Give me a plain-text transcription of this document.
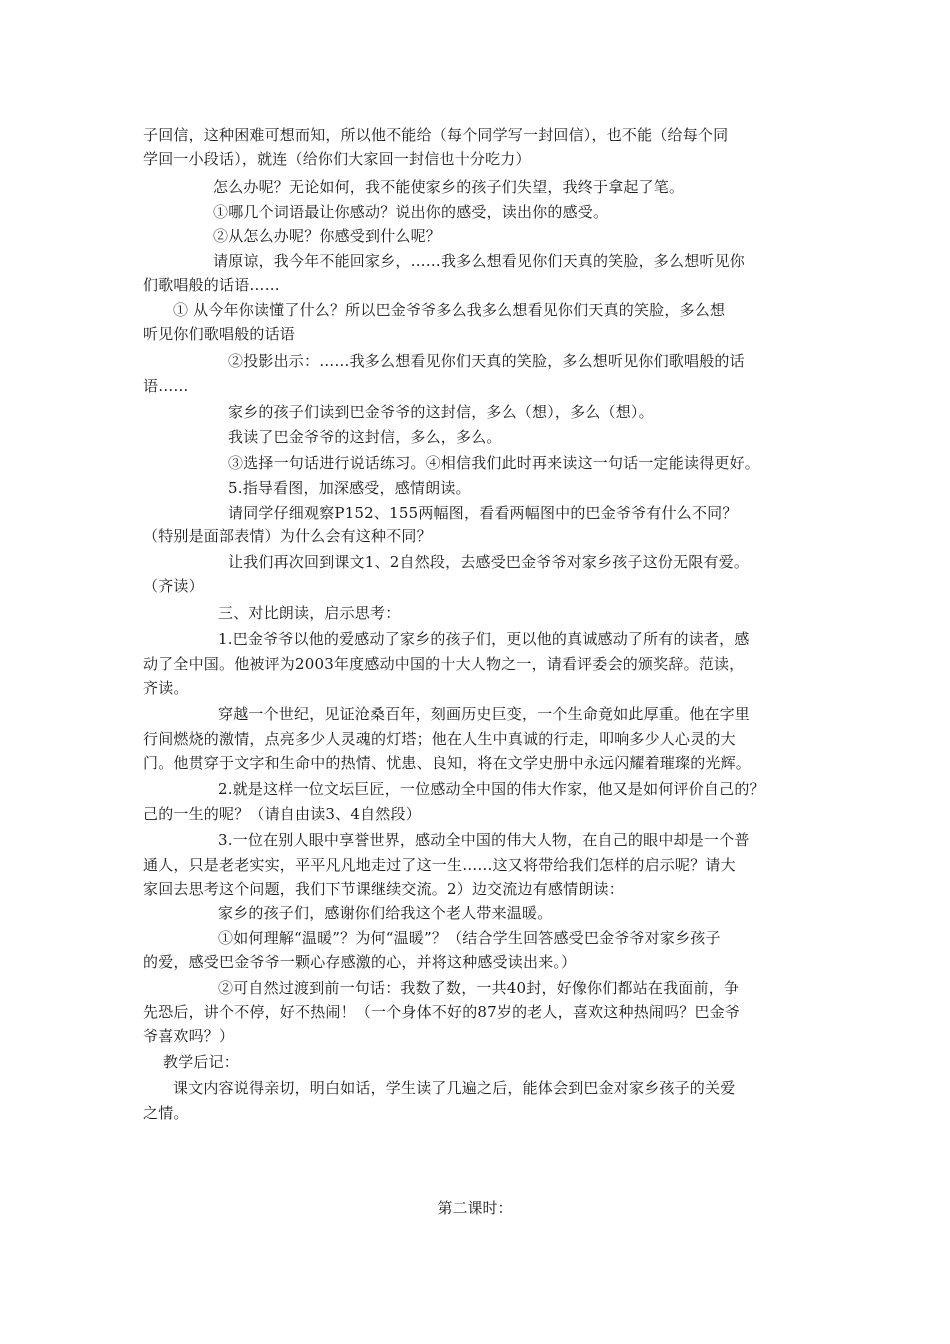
子回信，这种困难可想而知，所以他不能给（每个同学写一封回信），也不能（给每个同
学回一小段话），就连（给你们大家回一封信也十分吃力）
怎么办呢？无论如何，我不能使家乡的孩子们失望，我终于拿起了笔。
①哪几个词语最让你感动？说出你的感受，读出你的感受。
②从怎么办呢？你感受到什么呢？
请原谅，我今年不能回家乡，……我多么想看见你们天真的笑脸，多么想听见你
们歌唱般的话语……
① 从今年你读懂了什么？所以巴金爷爷多么我多么想看见你们天真的笑脸，多么想
听见你们歌唱般的话语
②投影出示：……我多么想看见你们天真的笑脸，多么想听见你们歌唱般的话
语……
家乡的孩子们读到巴金爷爷的这封信，多么（想），多么（想）。
我读了巴金爷爷的这封信，多么，多么。
③选择一句话进行说话练习。④相信我们此时再来读这一句话一定能读得更好。
5.指导看图，加深感受，感情朗读。
请同学仔细观察P152、155两幅图，看看两幅图中的巴金爷爷有什么不同？
（特别是面部表情）为什么会有这种不同？
让我们再次回到课文1、2自然段，去感受巴金爷爷对家乡孩子这份无限有爱。
（齐读）
三、对比朗读，启示思考：
1.巴金爷爷以他的爱感动了家乡的孩子们，更以他的真诚感动了所有的读者，感
动了全中国。他被评为2003年度感动中国的十大人物之一，请看评委会的颁奖辞。范读，
齐读。
穿越一个世纪，见证沧桑百年，刻画历史巨变，一个生命竟如此厚重。他在字里
行间燃烧的激情，点亮多少人灵魂的灯塔；他在人生中真诚的行走，叩响多少人心灵的大
门。他贯穿于文字和生命中的热情、忧患、良知，将在文学史册中永远闪耀着璀璨的光辉。
2.就是这样一位文坛巨匠，一位感动全中国的伟大作家，他又是如何评价自己的？
己的一生的呢？（请自由读3、4自然段）
3.一位在别人眼中享誉世界，感动全中国的伟大人物，在自己的眼中却是一个普
通人，只是老老实实，平平凡凡地走过了这一生……这又将带给我们怎样的启示呢？请大
家回去思考这个问题，我们下节课继续交流。2）边交流边有感情朗读：
家乡的孩子们，感谢你们给我这个老人带来温暖。
①如何理解“温暖”？为何“温暖”？（结合学生回答感受巴金爷爷对家乡孩子
的爱，感受巴金爷爷一颗心存感激的心，并将这种感受读出来。）
②可自然过渡到前一句话：我数了数，一共40封，好像你们都站在我面前，争
先恐后，讲个不停，好不热闹！（一个身体不好的87岁的老人，喜欢这种热闹吗？巴金爷
爷喜欢吗？）
教学后记：
课文内容说得亲切，明白如话，学生读了几遍之后，能体会到巴金对家乡孩子的关爱
之情。
第二课时：
